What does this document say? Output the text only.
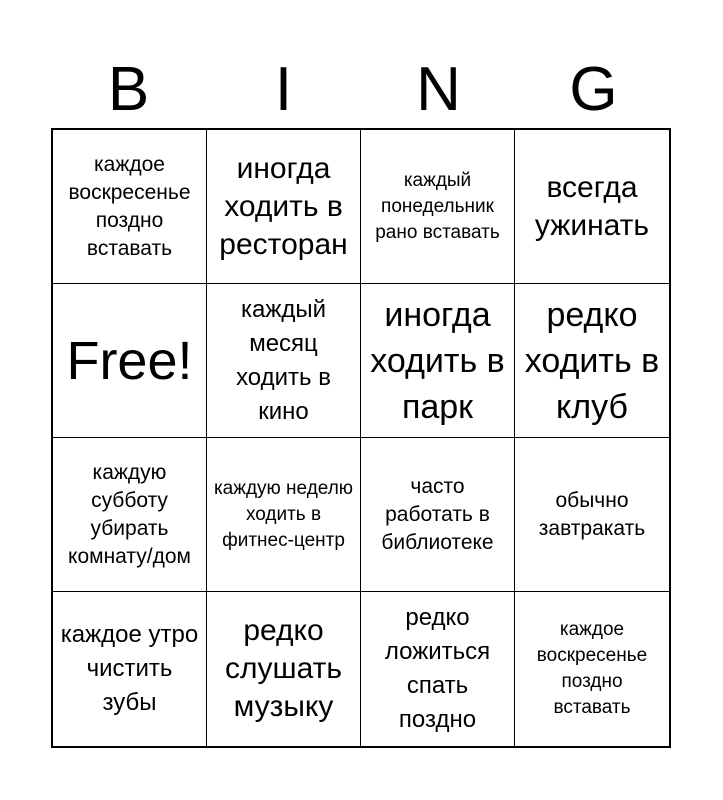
B	I	N	G
каждое воскресенье поздно вставать
иногда ходить в ресторан
каждый понедельник рано вставать
всегда ужинать
Free!
каждый месяц ходить в кино
иногда ходить в парк
редко ходить в клуб
каждую субботу убирать комнату/дом
каждую неделю ходить в фитнес-центр
часто работать в библиотеке
обычно завтракать
каждое утро чистить зубы
редко слушать музыку
редко ложиться спать поздно
каждое воскресенье поздно вставать
